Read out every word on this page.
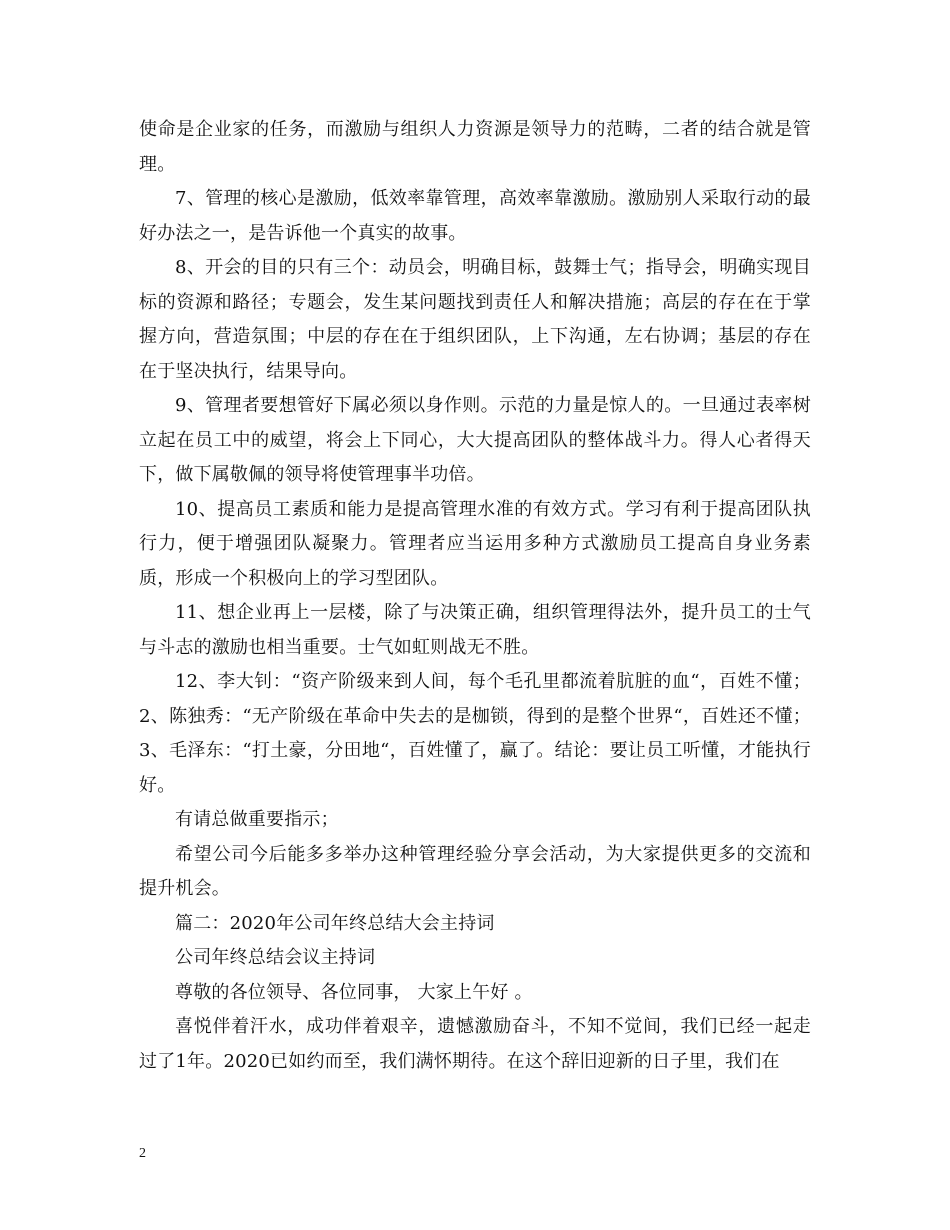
使命是企业家的任务，而激励与组织人力资源是领导力的范畴，二者的结合就是管理。

7、管理的核心是激励，低效率靠管理，高效率靠激励。激励别人采取行动的最好办法之一，是告诉他一个真实的故事。

8、开会的目的只有三个：动员会，明确目标，鼓舞士气；指导会，明确实现目标的资源和路径；专题会，发生某问题找到责任人和解决措施；高层的存在在于掌握方向，营造氛围；中层的存在在于组织团队，上下沟通，左右协调；基层的存在在于坚决执行，结果导向。

9、管理者要想管好下属必须以身作则。示范的力量是惊人的。一旦通过表率树立起在员工中的威望，将会上下同心，大大提高团队的整体战斗力。得人心者得天下，做下属敬佩的领导将使管理事半功倍。

10、提高员工素质和能力是提高管理水准的有效方式。学习有利于提高团队执行力，便于增强团队凝聚力。管理者应当运用多种方式激励员工提高自身业务素质，形成一个积极向上的学习型团队。

11、想企业再上一层楼，除了与决策正确，组织管理得法外，提升员工的士气与斗志的激励也相当重要。士气如虹则战无不胜。

12、李大钊：“资产阶级来到人间，每个毛孔里都流着肮脏的血“，百姓不懂；2、陈独秀：“无产阶级在革命中失去的是枷锁，得到的是整个世界“，百姓还不懂；3、毛泽东：“打土豪，分田地“，百姓懂了，赢了。结论：要让员工听懂，才能执行好。

有请总做重要指示；

希望公司今后能多多举办这种管理经验分享会活动，为大家提供更多的交流和提升机会。

篇二：2020年公司年终总结大会主持词

公司年终总结会议主持词

尊敬的各位领导、各位同事， 大家上午好 。

喜悦伴着汗水，成功伴着艰辛，遗憾激励奋斗，不知不觉间，我们已经一起走过了1年。2020已如约而至，我们满怀期待。在这个辞旧迎新的日子里，我们在

2
